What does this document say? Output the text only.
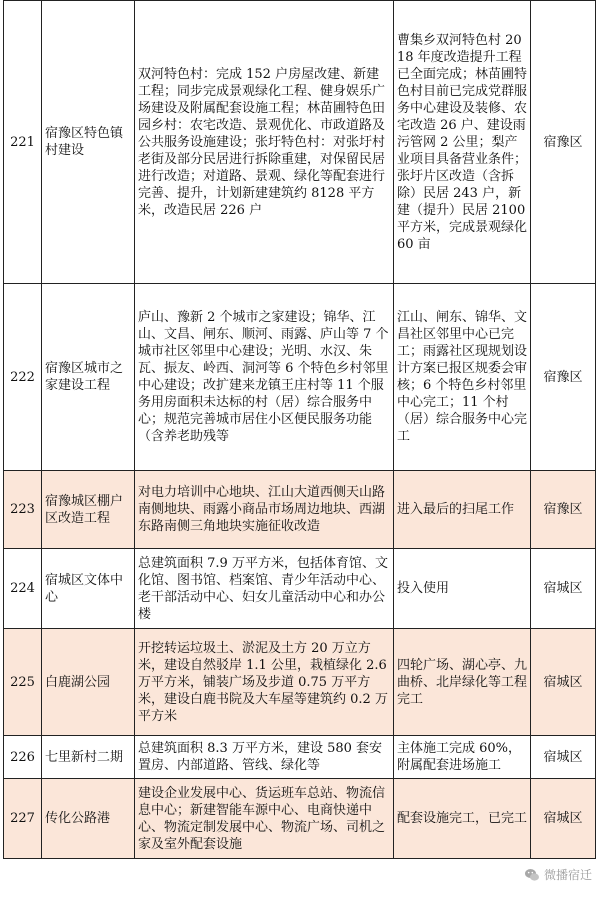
221	宿豫区特色镇村建设	双河特色村：完成 152 户房屋改建、新建工程；同步完成景观绿化工程、健身娱乐广场建设及附属配套设施工程；林苗圃特色田园乡村：农宅改造、景观优化、市政道路及公共服务设施建设；张圩特色村：对张圩村老街及部分民居进行拆除重建，对保留民居进行改造；对道路、景观、绿化等配套进行完善、提升，计划新建建筑约 8128 平方米，改造民居 226 户	曹集乡双河特色村 2018 年度改造提升工程已全面完成；林苗圃特色村目前已完成党群服务中心建设及装修、农宅改造 26 户、建设雨污管网 2 公里；梨产业项目具备营业条件；张圩片区改造（含拆除）民居 243 户，新建（提升）民居 2100 平方米，完成景观绿化 60 亩	宿豫区
222	宿豫区城市之家建设工程	庐山、豫新 2 个城市之家建设；锦华、江山、文昌、闸东、顺河、雨露、庐山等 7 个城市社区邻里中心建设；光明、水汉、朱瓦、振友、岭西、洞河等 6 个特色乡村邻里中心建设；改扩建来龙镇王庄村等 11 个服务用房面积未达标的村（居）综合服务中心；规范完善城市居住小区便民服务功能（含养老助残等	江山、闸东、锦华、文昌社区邻里中心已完工；雨露社区现规划设计方案已报区规委会审核；6 个特色乡村邻里中心完工；11 个村（居）综合服务中心完工	宿豫区
223	宿豫城区棚户区改造工程	对电力培训中心地块、江山大道西侧天山路南侧地块、雨露小商品市场周边地块、西湖东路南侧三角地块实施征收改造	进入最后的扫尾工作	宿豫区
224	宿城区文体中心	总建筑面积 7.9 万平方米，包括体育馆、文化馆、图书馆、档案馆、青少年活动中心、老干部活动中心、妇女儿童活动中心和办公楼	投入使用	宿城区
225	白鹿湖公园	开挖转运垃圾土、淤泥及土方 20 万立方米，建设自然驳岸 1.1 公里，栽植绿化 2.6 万平方米，铺装广场及步道 0.75 万平方米，建设白鹿书院及大车屋等建筑约 0.2 万平方米	四轮广场、湖心亭、九曲桥、北岸绿化等工程完工	宿城区
226	七里新村二期	总建筑面积 8.3 万平方米，建设 580 套安置房、内部道路、管线、绿化等	主体施工完成 60%，附属配套进场施工	宿城区
227	传化公路港	建设企业发展中心、货运班车总站、物流信息中心；新建智能车源中心、电商快递中心、物流定制发展中心、物流广场、司机之家及室外配套设施	配套设施完工，已完工	宿城区
微播宿迁
